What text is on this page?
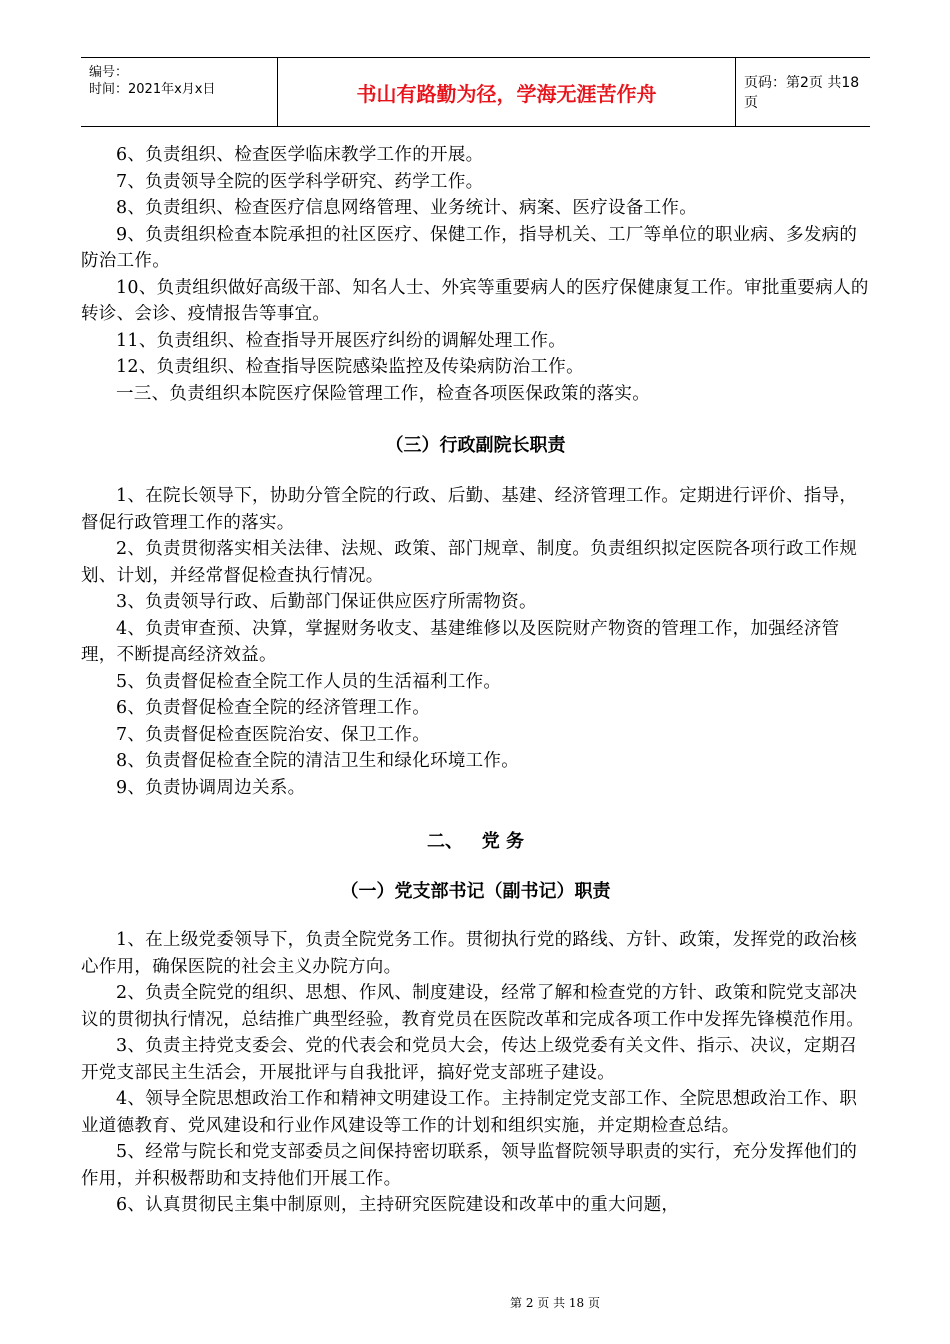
编号：
时间：2021年x月x日	书山有路勤为径，学海无涯苦作舟	页码：第2页 共18页

6、负责组织、检查医学临床教学工作的开展。

7、负责领导全院的医学科学研究、药学工作。

8、负责组织、检查医疗信息网络管理、业务统计、病案、医疗设备工作。

9、负责组织检查本院承担的社区医疗、保健工作，指导机关、工厂等单位的职业病、多发病的防治工作。

10、负责组织做好高级干部、知名人士、外宾等重要病人的医疗保健康复工作。审批重要病人的转诊、会诊、疫情报告等事宜。

11、负责组织、检查指导开展医疗纠纷的调解处理工作。

12、负责组织、检查指导医院感染监控及传染病防治工作。

一三、负责组织本院医疗保险管理工作，检查各项医保政策的落实。

（三）行政副院长职责

1、在院长领导下，协助分管全院的行政、后勤、基建、经济管理工作。定期进行评价、指导，督促行政管理工作的落实。

2、负责贯彻落实相关法律、法规、政策、部门规章、制度。负责组织拟定医院各项行政工作规划、计划，并经常督促检查执行情况。

3、负责领导行政、后勤部门保证供应医疗所需物资。

4、负责审查预、决算，掌握财务收支、基建维修以及医院财产物资的管理工作，加强经济管理，不断提高经济效益。

5、负责督促检查全院工作人员的生活福利工作。

6、负责督促检查全院的经济管理工作。

7、负责督促检查医院治安、保卫工作。

8、负责督促检查全院的清洁卫生和绿化环境工作。

9、负责协调周边关系。

二、   党 务
（一）党支部书记（副书记）职责

1、在上级党委领导下，负责全院党务工作。贯彻执行党的路线、方针、政策，发挥党的政治核心作用，确保医院的社会主义办院方向。

2、负责全院党的组织、思想、作风、制度建设，经常了解和检查党的方针、政策和院党支部决议的贯彻执行情况，总结推广典型经验，教育党员在医院改革和完成各项工作中发挥先锋模范作用。

3、负责主持党支委会、党的代表会和党员大会，传达上级党委有关文件、指示、决议，定期召开党支部民主生活会，开展批评与自我批评，搞好党支部班子建设。

4、领导全院思想政治工作和精神文明建设工作。主持制定党支部工作、全院思想政治工作、职业道德教育、党风建设和行业作风建设等工作的计划和组织实施，并定期检查总结。

5、经常与院长和党支部委员之间保持密切联系，领导监督院领导职责的实行，充分发挥他们的作用，并积极帮助和支持他们开展工作。

6、认真贯彻民主集中制原则，主持研究医院建设和改革中的重大问题，

第 2 页 共 18 页
